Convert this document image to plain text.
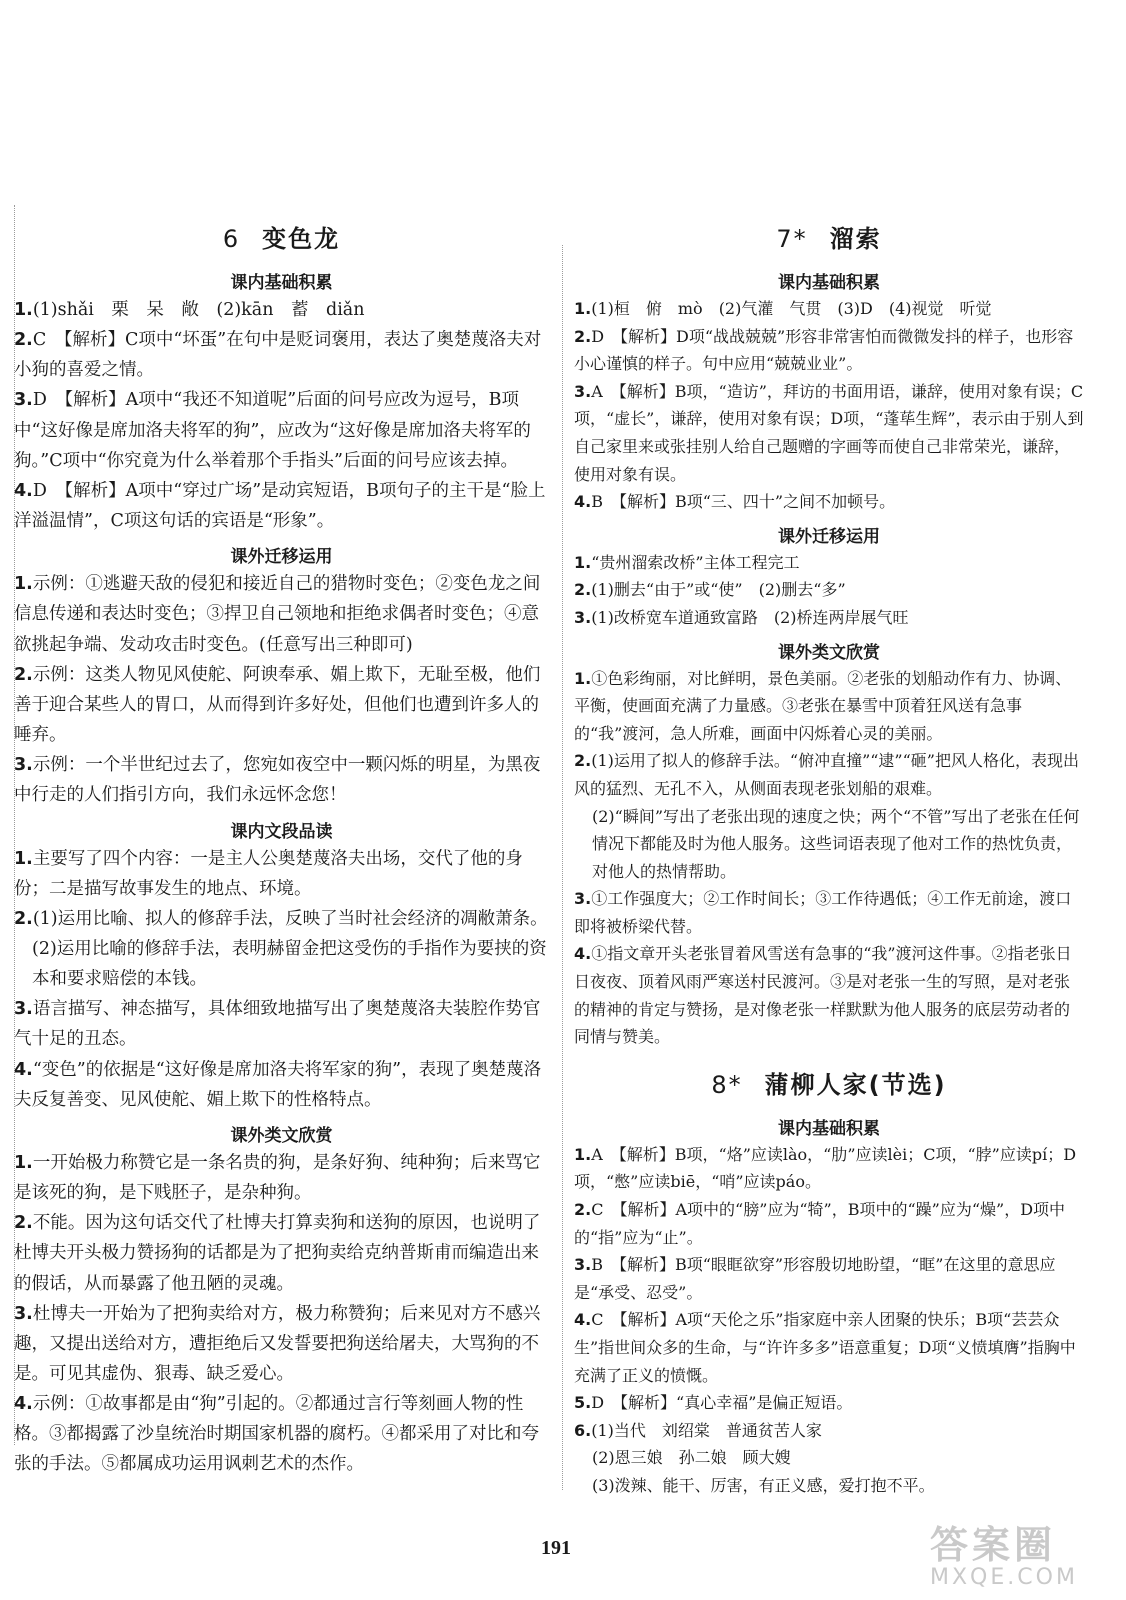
6 变色龙
课内基础积累

1.(1)shǎi　栗　呆　敞　(2)kān　蓄　diǎn

2.C　【解析】C项中“坏蛋”在句中是贬词褒用，表达了奥楚蔑洛夫对小狗的喜爱之情。

3.D　【解析】A项中“我还不知道呢”后面的问号应改为逗号，B项中“这好像是席加洛夫将军的狗”，应改为“这好像是席加洛夫将军的狗。”C项中“你究竟为什么举着那个手指头”后面的问号应该去掉。

4.D　【解析】A项中“穿过广场”是动宾短语，B项句子的主干是“脸上洋溢温情”，C项这句话的宾语是“形象”。

课外迁移运用

1.示例：①逃避天敌的侵犯和接近自己的猎物时变色；②变色龙之间信息传递和表达时变色；③捍卫自己领地和拒绝求偶者时变色；④意欲挑起争端、发动攻击时变色。(任意写出三种即可)

2.示例：这类人物见风使舵、阿谀奉承、媚上欺下，无耻至极，他们善于迎合某些人的胃口，从而得到许多好处，但他们也遭到许多人的唾弃。

3.示例：一个半世纪过去了，您宛如夜空中一颗闪烁的明星，为黑夜中行走的人们指引方向，我们永远怀念您！

课内文段品读

1.主要写了四个内容：一是主人公奥楚蔑洛夫出场，交代了他的身份；二是描写故事发生的地点、环境。

2.(1)运用比喻、拟人的修辞手法，反映了当时社会经济的凋敝萧条。

(2)运用比喻的修辞手法，表明赫留金把这受伤的手指作为要挟的资本和要求赔偿的本钱。

3.语言描写、神态描写，具体细致地描写出了奥楚蔑洛夫装腔作势官气十足的丑态。

4.“变色”的依据是“这好像是席加洛夫将军家的狗”，表现了奥楚蔑洛夫反复善变、见风使舵、媚上欺下的性格特点。

课外类文欣赏

1.一开始极力称赞它是一条名贵的狗，是条好狗、纯种狗；后来骂它是该死的狗，是下贱胚子，是杂种狗。

2.不能。因为这句话交代了杜博夫打算卖狗和送狗的原因，也说明了杜博夫开头极力赞扬狗的话都是为了把狗卖给克纳普斯甫而编造出来的假话，从而暴露了他丑陋的灵魂。

3.杜博夫一开始为了把狗卖给对方，极力称赞狗；后来见对方不感兴趣，又提出送给对方，遭拒绝后又发誓要把狗送给屠夫，大骂狗的不是。可见其虚伪、狠毒、缺乏爱心。

4.示例：①故事都是由“狗”引起的。②都通过言行等刻画人物的性格。③都揭露了沙皇统治时期国家机器的腐朽。④都采用了对比和夸张的手法。⑤都属成功运用讽刺艺术的杰作。

7* 溜索
课内基础积累

1.(1)桓　俯　mò　(2)气灌　气贯　(3)D　(4)视觉　听觉

2.D　【解析】D项“战战兢兢”形容非常害怕而微微发抖的样子，也形容小心谨慎的样子。句中应用“兢兢业业”。

3.A　【解析】B项，“造访”，拜访的书面用语，谦辞，使用对象有误；C项，“虚长”，谦辞，使用对象有误；D项，“蓬荜生辉”，表示由于别人到自己家里来或张挂别人给自己题赠的字画等而使自己非常荣光，谦辞，使用对象有误。

4.B　【解析】B项“三、四十”之间不加顿号。

课外迁移运用

1.“贵州溜索改桥”主体工程完工

2.(1)删去“由于”或“使”　(2)删去“多”

3.(1)改桥宽车道通致富路　(2)桥连两岸展气旺

课外类文欣赏

1.①色彩绚丽，对比鲜明，景色美丽。②老张的划船动作有力、协调、平衡，使画面充满了力量感。③老张在暴雪中顶着狂风送有急事的“我”渡河，急人所难，画面中闪烁着心灵的美丽。

2.(1)运用了拟人的修辞手法。“俯冲直撞”“逮”“砸”把风人格化，表现出风的猛烈、无孔不入，从侧面表现老张划船的艰难。

(2)“瞬间”写出了老张出现的速度之快；两个“不管”写出了老张在任何情况下都能及时为他人服务。这些词语表现了他对工作的热忱负责，对他人的热情帮助。

3.①工作强度大；②工作时间长；③工作待遇低；④工作无前途，渡口即将被桥梁代替。

4.①指文章开头老张冒着风雪送有急事的“我”渡河这件事。②指老张日日夜夜、顶着风雨严寒送村民渡河。③是对老张一生的写照，是对老张的精神的肯定与赞扬，是对像老张一样默默为他人服务的底层劳动者的同情与赞美。

8* 蒲柳人家(节选)
课内基础积累

1.A　【解析】B项，“烙”应读lào，“肋”应读lèi；C项，“脖”应读pí；D项，“憋”应读biē，“哨”应读páo。

2.C　【解析】A项中的“膀”应为“犄”，B项中的“躁”应为“燥”，D项中的“指”应为“止”。

3.B　【解析】B项“眼眶欲穿”形容殷切地盼望，“眶”在这里的意思应是“承受、忍受”。

4.C　【解析】A项“天伦之乐”指家庭中亲人团聚的快乐；B项“芸芸众生”指世间众多的生命，与“许许多多”语意重复；D项“义愤填膺”指胸中充满了正义的愤慨。

5.D　【解析】“真心幸福”是偏正短语。

6.(1)当代　刘绍棠　普通贫苦人家

(2)恩三娘　孙二娘　顾大嫂

(3)泼辣、能干、厉害，有正义感，爱打抱不平。

191	答案圈
MXQE.COM
